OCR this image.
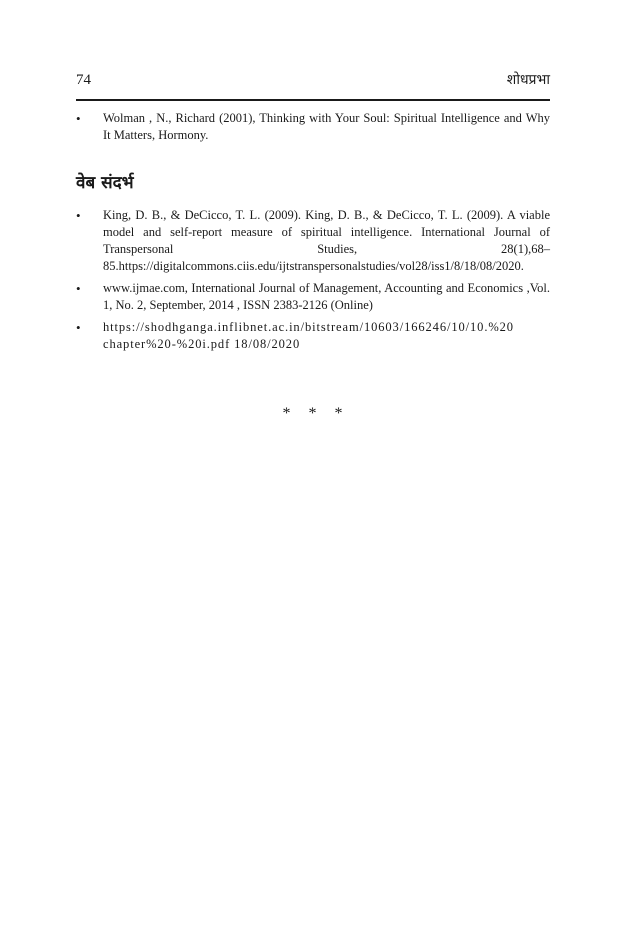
74	शोधप्रभा
• Wolman , N., Richard (2001), Thinking with Your Soul: Spiritual Intelligence and Why It Matters, Hormony.
वेब संदर्भ
• King, D. B., & DeCicco, T. L. (2009). King, D. B., & DeCicco, T. L. (2009). A viable model and self-report measure of spiritual intelligence. International Journal of Transpersonal Studies, 28(1),68–85.https://digitalcommons.ciis.edu/ijtstranspersonalstudies/vol28/iss1/8/18/08/2020.
• www.ijmae.com, International Journal of Management, Accounting and Economics ,Vol. 1, No. 2, September, 2014 , ISSN 2383-2126 (Online)
• https://shodhganga.inflibnet.ac.in/bitstream/10603/166246/10/10.%20 chapter%20-%20i.pdf 18/08/2020
* * *
